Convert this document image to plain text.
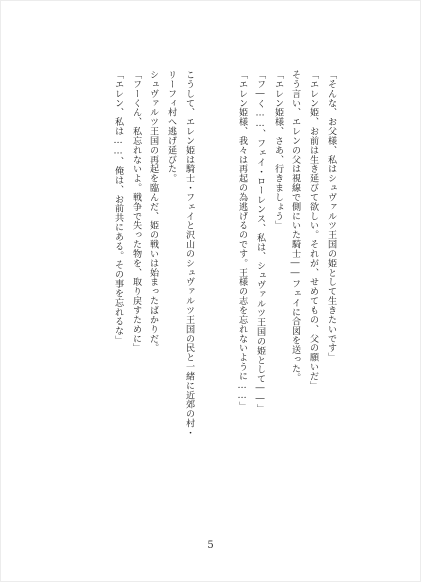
「そんな、お父様、私はシュヴァルツ王国の姫として生きたいです」
「エレン姫、お前は生き延びて欲しい。それが、せめてもの、父の願いだ」
そう言い、エレンの父は視線で側にいた騎士――フェイに合図を送った。
「エレン姫様、さあ、行きましょう」
「フ―く……、フェイ・ローレンス、私は、シュヴァルツ王国の姫として――」
「エレン姫様、我々は再起の為逃げるのです。王様の志を忘れないように……」
こうして、エレン姫は騎士・フェイと沢山のシュヴァルツ王国の民と一緒に近郊の村・
リーフィ村へ逃げ延びた。
シュヴァルツ王国の再起を臨んだ、姫の戦いは始まったばかりだ。
「フーくん、私忘れないよ。戦争で失った物を、取り戻すために」
「エレン、私は……、俺は、お前共にある。その事を忘れるな」
5
